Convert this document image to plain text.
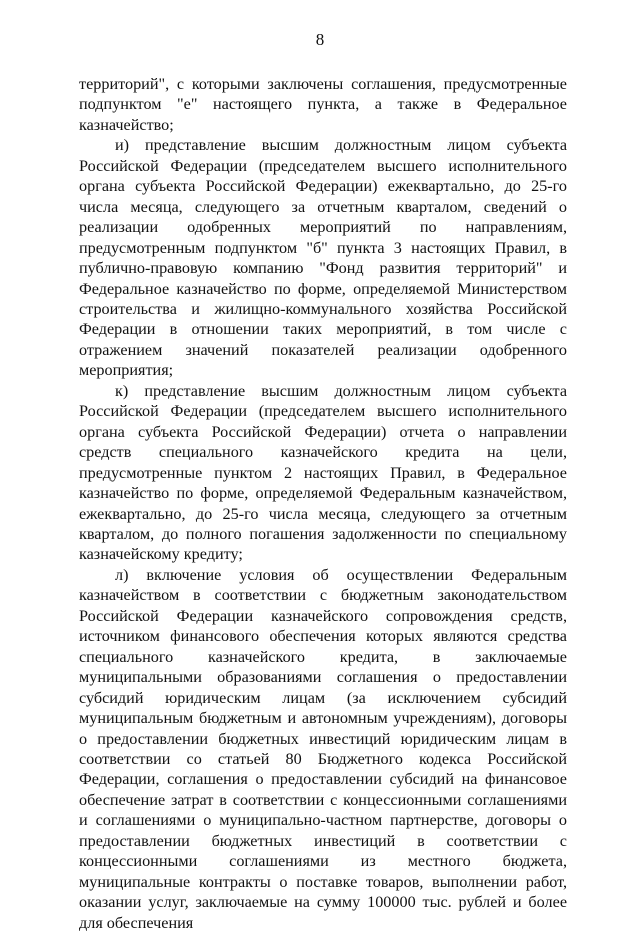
8

территорий", с которыми заключены соглашения, предусмотренные подпунктом "е" настоящего пункта, а также в Федеральное казначейство;

и) представление высшим должностным лицом субъекта Российской Федерации (председателем высшего исполнительного органа субъекта Российской Федерации) ежеквартально, до 25-го числа месяца, следующего за отчетным кварталом, сведений о реализации одобренных мероприятий по направлениям, предусмотренным подпунктом "б" пункта 3 настоящих Правил, в публично-правовую компанию "Фонд развития территорий" и Федеральное казначейство по форме, определяемой Министерством строительства и жилищно-коммунального хозяйства Российской Федерации в отношении таких мероприятий, в том числе с отражением значений показателей реализации одобренного мероприятия;

к) представление высшим должностным лицом субъекта Российской Федерации (председателем высшего исполнительного органа субъекта Российской Федерации) отчета о направлении средств специального казначейского кредита на цели, предусмотренные пунктом 2 настоящих Правил, в Федеральное казначейство по форме, определяемой Федеральным казначейством, ежеквартально, до 25-го числа месяца, следующего за отчетным кварталом, до полного погашения задолженности по специальному казначейскому кредиту;

л) включение условия об осуществлении Федеральным казначейством в соответствии с бюджетным законодательством Российской Федерации казначейского сопровождения средств, источником финансового обеспечения которых являются средства специального казначейского кредита, в заключаемые муниципальными образованиями соглашения о предоставлении субсидий юридическим лицам (за исключением субсидий муниципальным бюджетным и автономным учреждениям), договоры о предоставлении бюджетных инвестиций юридическим лицам в соответствии со статьей 80 Бюджетного кодекса Российской Федерации, соглашения о предоставлении субсидий на финансовое обеспечение затрат в соответствии с концессионными соглашениями и соглашениями о муниципально-частном партнерстве, договоры о предоставлении бюджетных инвестиций в соответствии с концессионными соглашениями из местного бюджета, муниципальные контракты о поставке товаров, выполнении работ, оказании услуг, заключаемые на сумму 100000 тыс. рублей и более для обеспечения
